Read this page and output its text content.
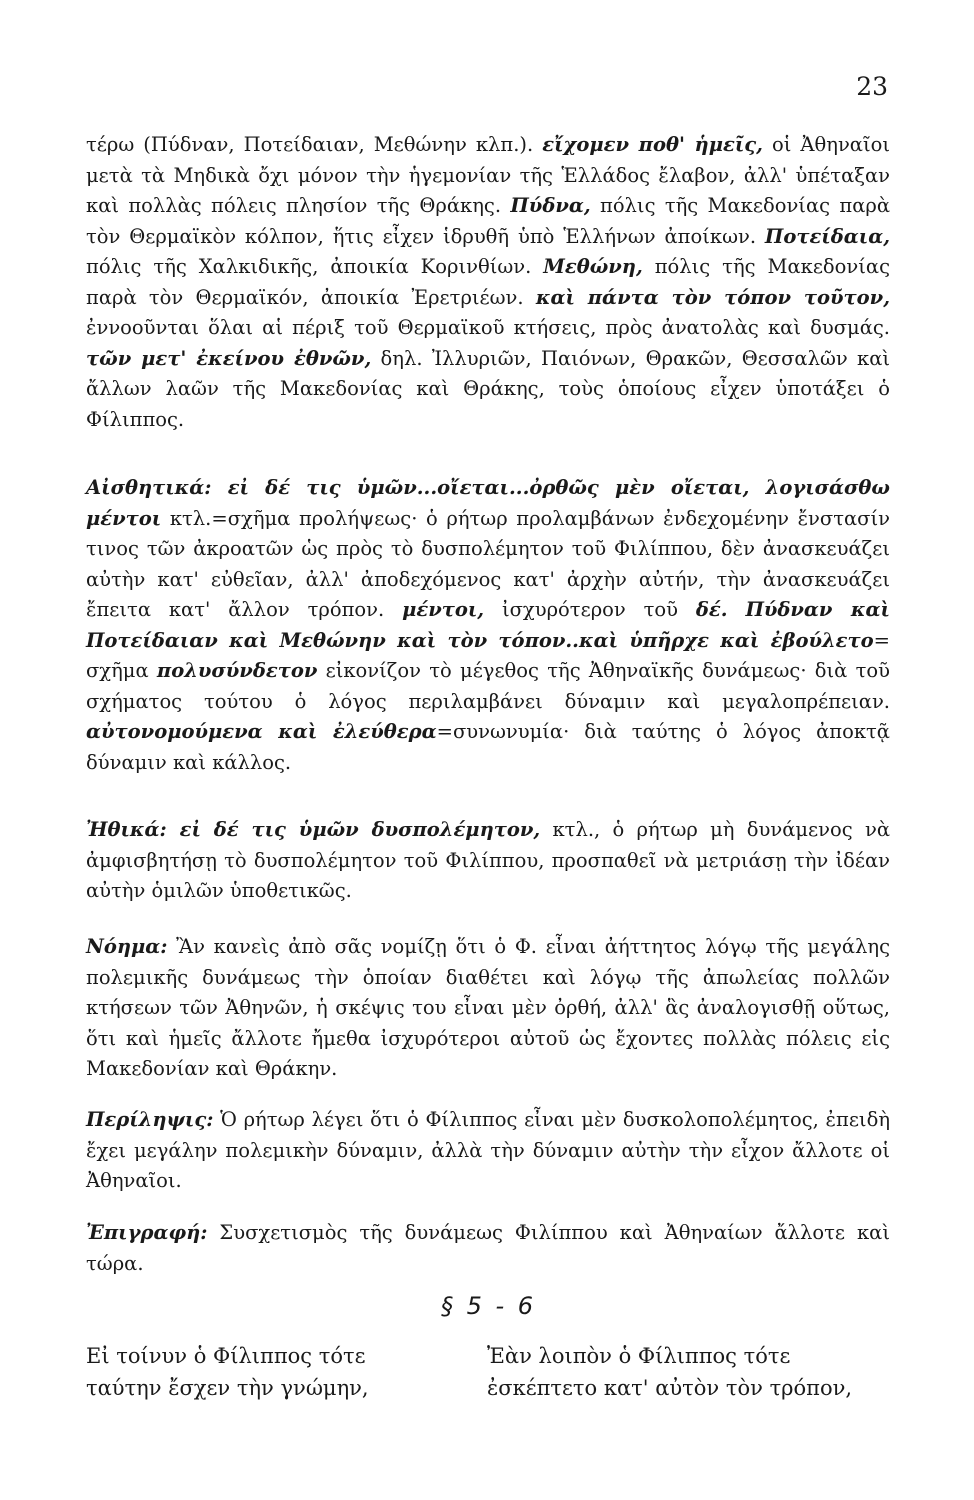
23

τέρω (Πύδναν, Ποτείδαιαν, Μεθώνην κλπ.). εἴχομεν ποθ' ἡμεῖς, οἱ Ἀθηναῖοι μετὰ τὰ Μηδικὰ ὄχι μόνον τὴν ἡγεμονίαν τῆς Ἑλλάδος ἔλαβον, ἀλλ' ὑπέταξαν καὶ πολλὰς πόλεις πλησίον τῆς Θράκης. Πύδνα, πόλις τῆς Μακεδονίας παρὰ τὸν Θερμαϊκὸν κόλπον, ἥτις εἶχεν ἱδρυθῆ ὑπὸ Ἑλλήνων ἀποίκων. Ποτείδαια, πόλις τῆς Χαλκιδικῆς, ἀποικία Κορινθίων. Μεθώνη, πόλις τῆς Μακεδονίας παρὰ τὸν Θερμαϊκόν, ἀποικία Ἐρετριέων. καὶ πάντα τὸν τόπον τοῦτον, ἐννοοῦνται ὅλαι αἱ πέριξ τοῦ Θερμαϊκοῦ κτήσεις, πρὸς ἀνατολὰς καὶ δυσμάς. τῶν μετ' ἐκείνου ἐθνῶν, δηλ. Ἰλλυριῶν, Παιόνων, Θρακῶν, Θεσσαλῶν καὶ ἄλλων λαῶν τῆς Μακεδονίας καὶ Θράκης, τοὺς ὁποίους εἶχεν ὑποτάξει ὁ Φίλιππος.

Αἰσθητικά: εἰ δέ τις ὑμῶν...οἴεται...ὀρθῶς μὲν οἴεται, λογισάσθω μέντοι κτλ.=σχῆμα προλήψεως· ὁ ρήτωρ προλαμβάνων ἐνδεχομένην ἔνστασίν τινος τῶν ἀκροατῶν ὡς πρὸς τὸ δυσπολέμητον τοῦ Φιλίππου, δὲν ἀνασκευάζει αὐτὴν κατ' εὐθεῖαν, ἀλλ' ἀποδεχόμενος κατ' ἀρχὴν αὐτήν, τὴν ἀνασκευάζει ἔπειτα κατ' ἄλλον τρόπον. μέντοι, ἰσχυρότερον τοῦ δέ. Πύδναν καὶ Ποτείδαιαν καὶ Μεθώνην καὶ τὸν τόπον..καὶ ὑπῆρχε καὶ ἐβούλετο= σχῆμα πολυσύνδετον εἰκονίζον τὸ μέγεθος τῆς Ἀθηναϊκῆς δυνάμεως· διὰ τοῦ σχήματος τούτου ὁ λόγος περιλαμβάνει δύναμιν καὶ μεγαλοπρέπειαν. αὐτονομούμενα καὶ ἐλεύθερα=συνωνυμία· διὰ ταύτης ὁ λόγος ἀποκτᾷ δύναμιν καὶ κάλλος.

Ἠθικά: εἰ δέ τις ὑμῶν δυσπολέμητον, κτλ., ὁ ρήτωρ μὴ δυνάμενος νὰ ἀμφισβητήσῃ τὸ δυσπολέμητον τοῦ Φιλίππου, προσπαθεῖ νὰ μετριάσῃ τὴν ἰδέαν αὐτὴν ὁμιλῶν ὑποθετικῶς.

Νόημα: Ἂν κανεὶς ἀπὸ σᾶς νομίζῃ ὅτι ὁ Φ. εἶναι ἀήττητος λόγῳ τῆς μεγάλης πολεμικῆς δυνάμεως τὴν ὁποίαν διαθέτει καὶ λόγῳ τῆς ἀπωλείας πολλῶν κτήσεων τῶν Ἀθηνῶν, ἡ σκέψις του εἶναι μὲν ὀρθή, ἀλλ' ἃς ἀναλογισθῇ οὕτως, ὅτι καὶ ἡμεῖς ἄλλοτε ἤμεθα ἰσχυρότεροι αὐτοῦ ὡς ἔχοντες πολλὰς πόλεις εἰς Μακεδονίαν καὶ Θράκην.

Περίληψις: Ὁ ρήτωρ λέγει ὅτι ὁ Φίλιππος εἶναι μὲν δυσκολοπολέμητος, ἐπειδὴ ἔχει μεγάλην πολεμικὴν δύναμιν, ἀλλὰ τὴν δύναμιν αὐτὴν τὴν εἶχον ἄλλοτε οἱ Ἀθηναῖοι.

Ἐπιγραφή: Συσχετισμὸς τῆς δυνάμεως Φιλίππου καὶ Ἀθηναίων ἄλλοτε καὶ τώρα.

§ 5 - 6
Εἰ τοίνυν ὁ Φίλιππος τότε
ταύτην ἔσχεν τὴν γνώμην,
Ἐὰν λοιπὸν ὁ Φίλιππος τότε
ἐσκέπτετο κατ' αὐτὸν τὸν τρόπον,
